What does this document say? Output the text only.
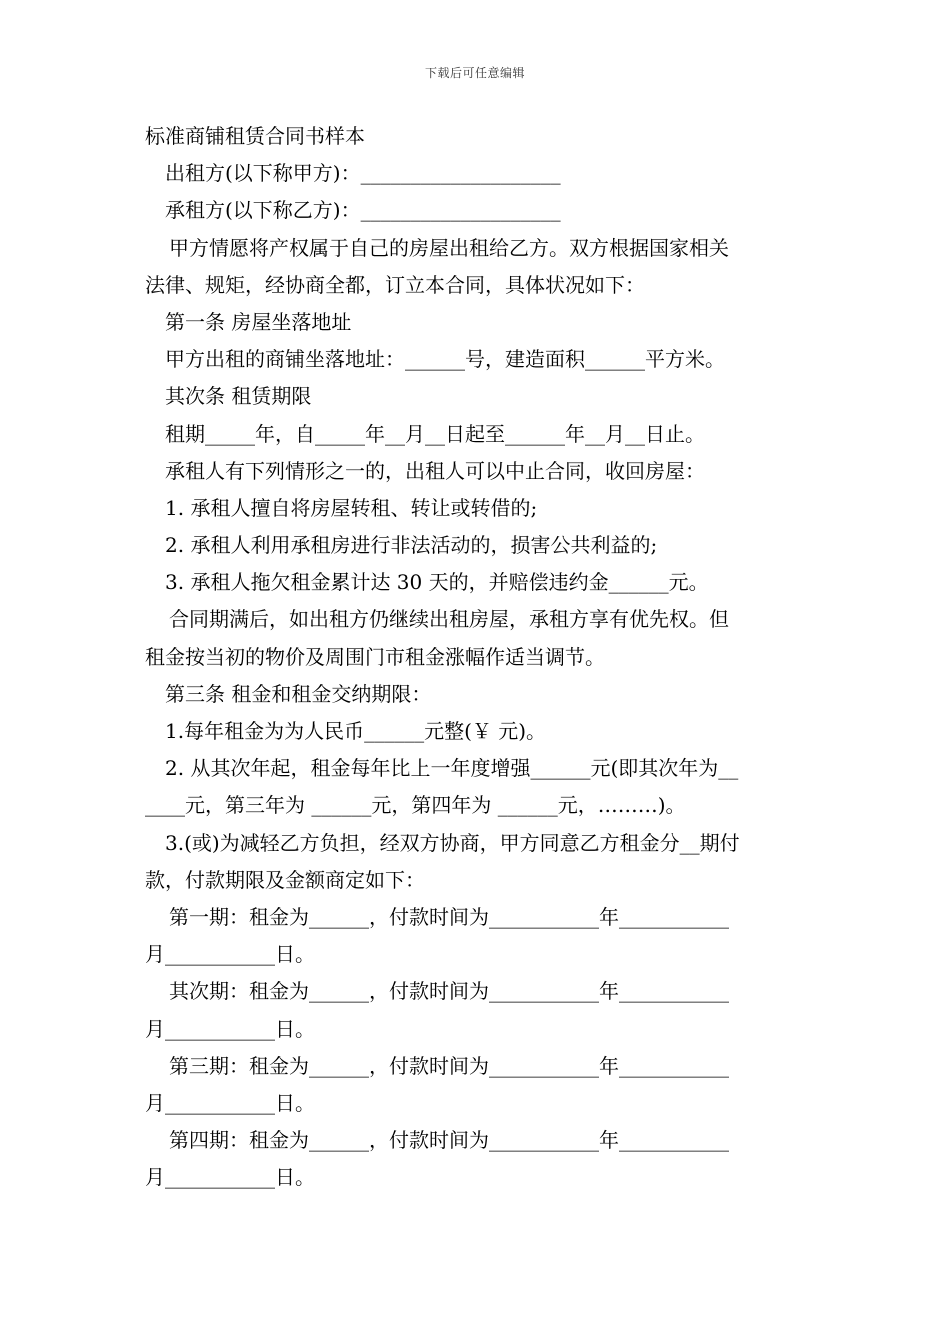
下载后可任意编辑
标准商铺租赁合同书样本
出租方(以下称甲方)：____________________
承租方(以下称乙方)：____________________
甲方情愿将产权属于自己的房屋出租给乙方。双方根据国家相关
法律、规矩，经协商全都，订立本合同，具体状况如下：
第一条 房屋坐落地址
甲方出租的商铺坐落地址：______号，建造面积______平方米。
其次条 租赁期限
租期_____年，自_____年__月__日起至______年__月__日止。
承租人有下列情形之一的，出租人可以中止合同，收回房屋：
1. 承租人擅自将房屋转租、转让或转借的;
2. 承租人利用承租房进行非法活动的，损害公共利益的;
3. 承租人拖欠租金累计达 30 天的，并赔偿违约金______元。
合同期满后，如出租方仍继续出租房屋，承租方享有优先权。但
租金按当初的物价及周围门市租金涨幅作适当调节。
第三条 租金和租金交纳期限：
1.每年租金为为人民币______元整(￥ 元)。
2. 从其次年起，租金每年比上一年度增强______元(即其次年为__
____元，第三年为 ______元，第四年为 ______元，………)。
3.(或)为减轻乙方负担，经双方协商，甲方同意乙方租金分__期付
款，付款期限及金额商定如下：
第一期：租金为______，付款时间为___________年___________
月___________日。
其次期：租金为______，付款时间为___________年___________
月___________日。
第三期：租金为______，付款时间为___________年___________
月___________日。
第四期：租金为______，付款时间为___________年___________
月___________日。
